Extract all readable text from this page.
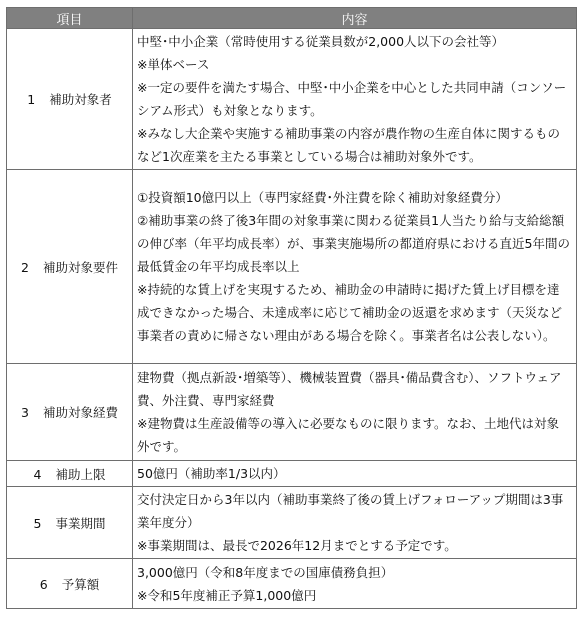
項目	内容
1 補助対象者	中堅･中小企業（常時使用する従業員数が2,000人以下の会社等）
※単体ベース
※一定の要件を満たす場合、中堅･中小企業を中心とした共同申請（コンソーシアム形式）も対象となります。
※みなし大企業や実施する補助事業の内容が農作物の生産自体に関するものなど1次産業を主たる事業としている場合は補助対象外です。

2 補助対象要件	①投資額10億円以上（専門家経費･外注費を除く補助対象経費分）
②補助事業の終了後3年間の対象事業に関わる従業員1人当たり給与支給総額の伸び率（年平均成長率）が、事業実施場所の都道府県における直近5年間の最低賃金の年平均成長率以上
※持続的な賃上げを実現するため、補助金の申請時に掲げた賃上げ目標を達成できなかった場合、未達成率に応じて補助金の返還を求めます（天災など事業者の責めに帰さない理由がある場合を除く。事業者名は公表しない）。

3 補助対象経費	建物費（拠点新設･増築等）、機械装置費（器具･備品費含む）、ソフトウェア費、外注費、専門家経費
※建物費は生産設備等の導入に必要なものに限ります。なお、土地代は対象外です。

4 補助上限	50億円（補助率1/3以内）

5 事業期間	交付決定日から3年以内（補助事業終了後の賃上げフォローアップ期間は3事業年度分）
※事業期間は、最長で2026年12月までとする予定です。

6 予算額	3,000億円（令和8年度までの国庫債務負担）
※令和5年度補正予算1,000億円
